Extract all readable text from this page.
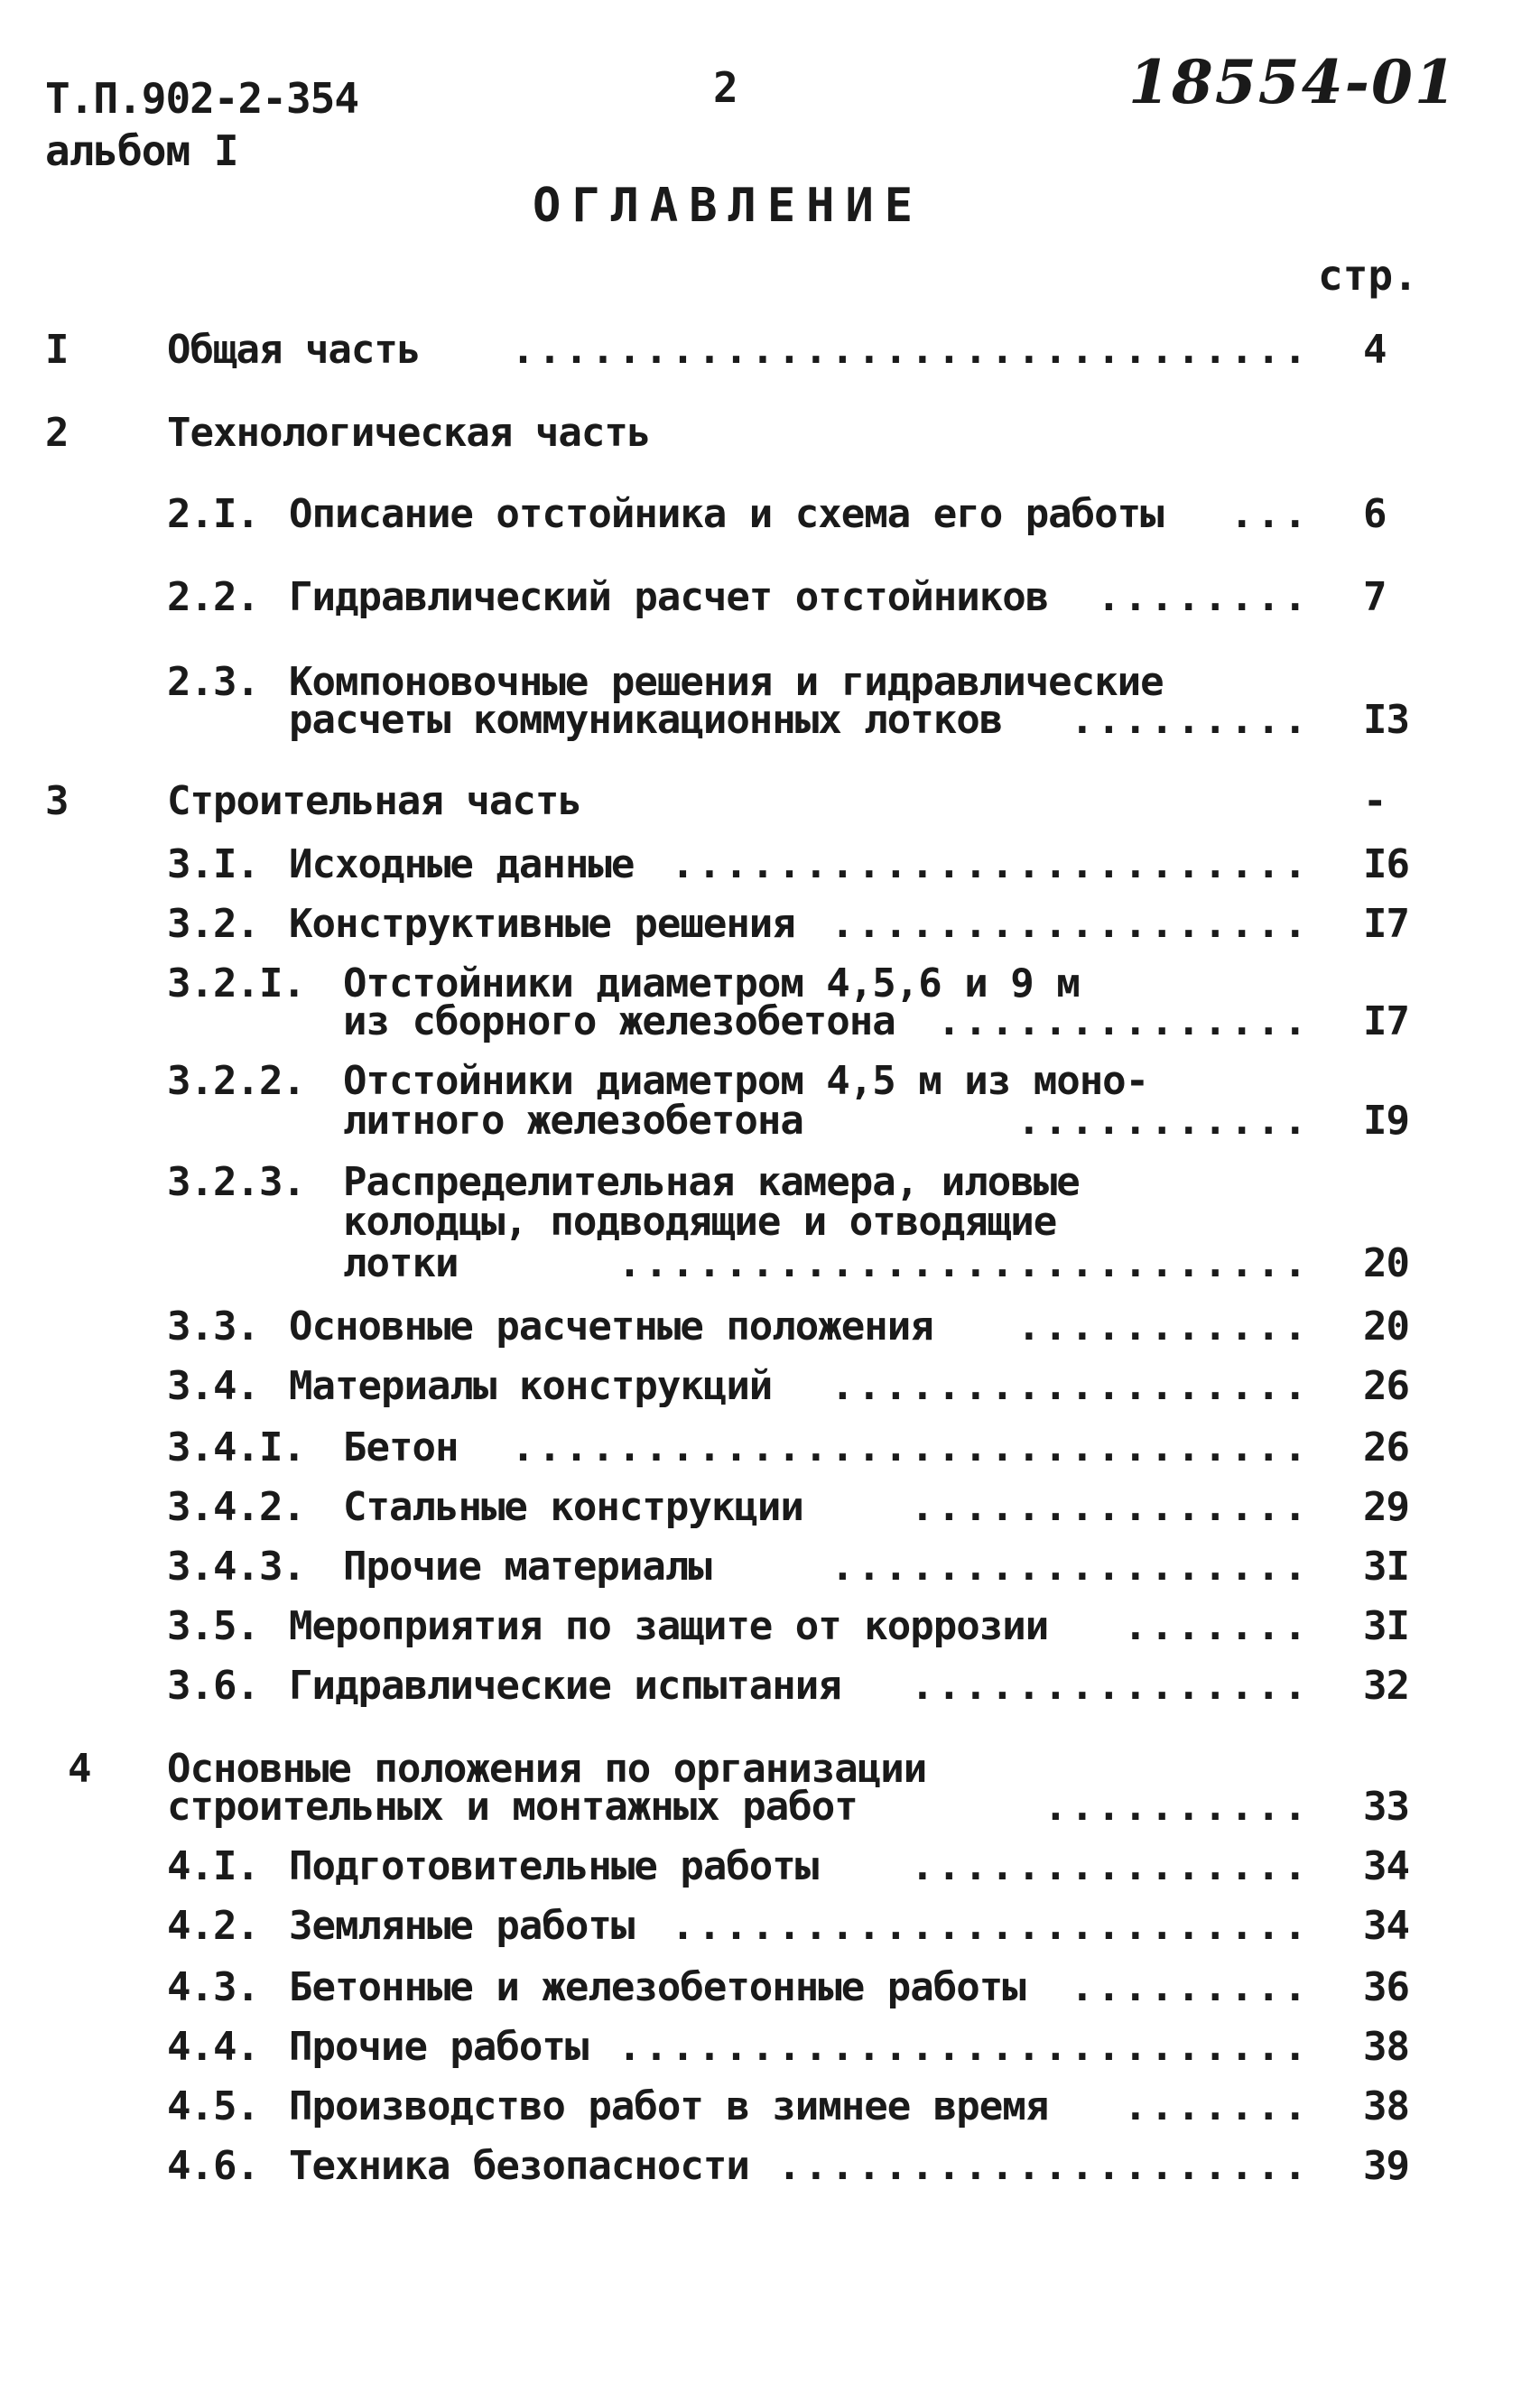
Т.П.902-2-354
альбом I
2	18554-01
ОГЛАВЛЕНИЕ
стр.
I Общая часть .............................. 4
2 Технологическая часть
2.I. Описание отстойника и схема его работы ... 6
2.2. Гидравлический расчет отстойников ........ 7
2.3. Компоновочные решения и гидравлические
расчеты коммуникационных лотков ......... I3
3 Строительная часть	-
3.I. Исходные данные ........................ I6
3.2. Конструктивные решения .................. I7
3.2.I. Отстойники диаметром 4,5,6 и 9 м
из сборного железобетона .............. I7
3.2.2. Отстойники диаметром 4,5 м из моно-
литного железобетона	........... I9
3.2.3. Распределительная камера, иловые
колодцы, подводящие и отводящие
лотки	.......................... 20
3.3. Основные расчетные положения ........... 20
3.4. Материалы конструкций .................. 26
3.4.I. Бетон .............................. 26
3.4.2. Стальные конструкции	............... 29
3.4.3. Прочие материалы	.................. 3I
3.5. Мероприятия по защите от коррозии ....... 3I
3.6. Гидравлические испытания ............... 32
4 Основные положения по организации
строительных и монтажных работ	.......... 33
4.I. Подготовительные работы ............... 34
4.2. Земляные работы ........................ 34
4.3. Бетонные и железобетонные работы ......... 36
4.4. Прочие работы .......................... 38
4.5. Производство работ в зимнее время ....... 38
4.6. Техника безопасности .................... 39
